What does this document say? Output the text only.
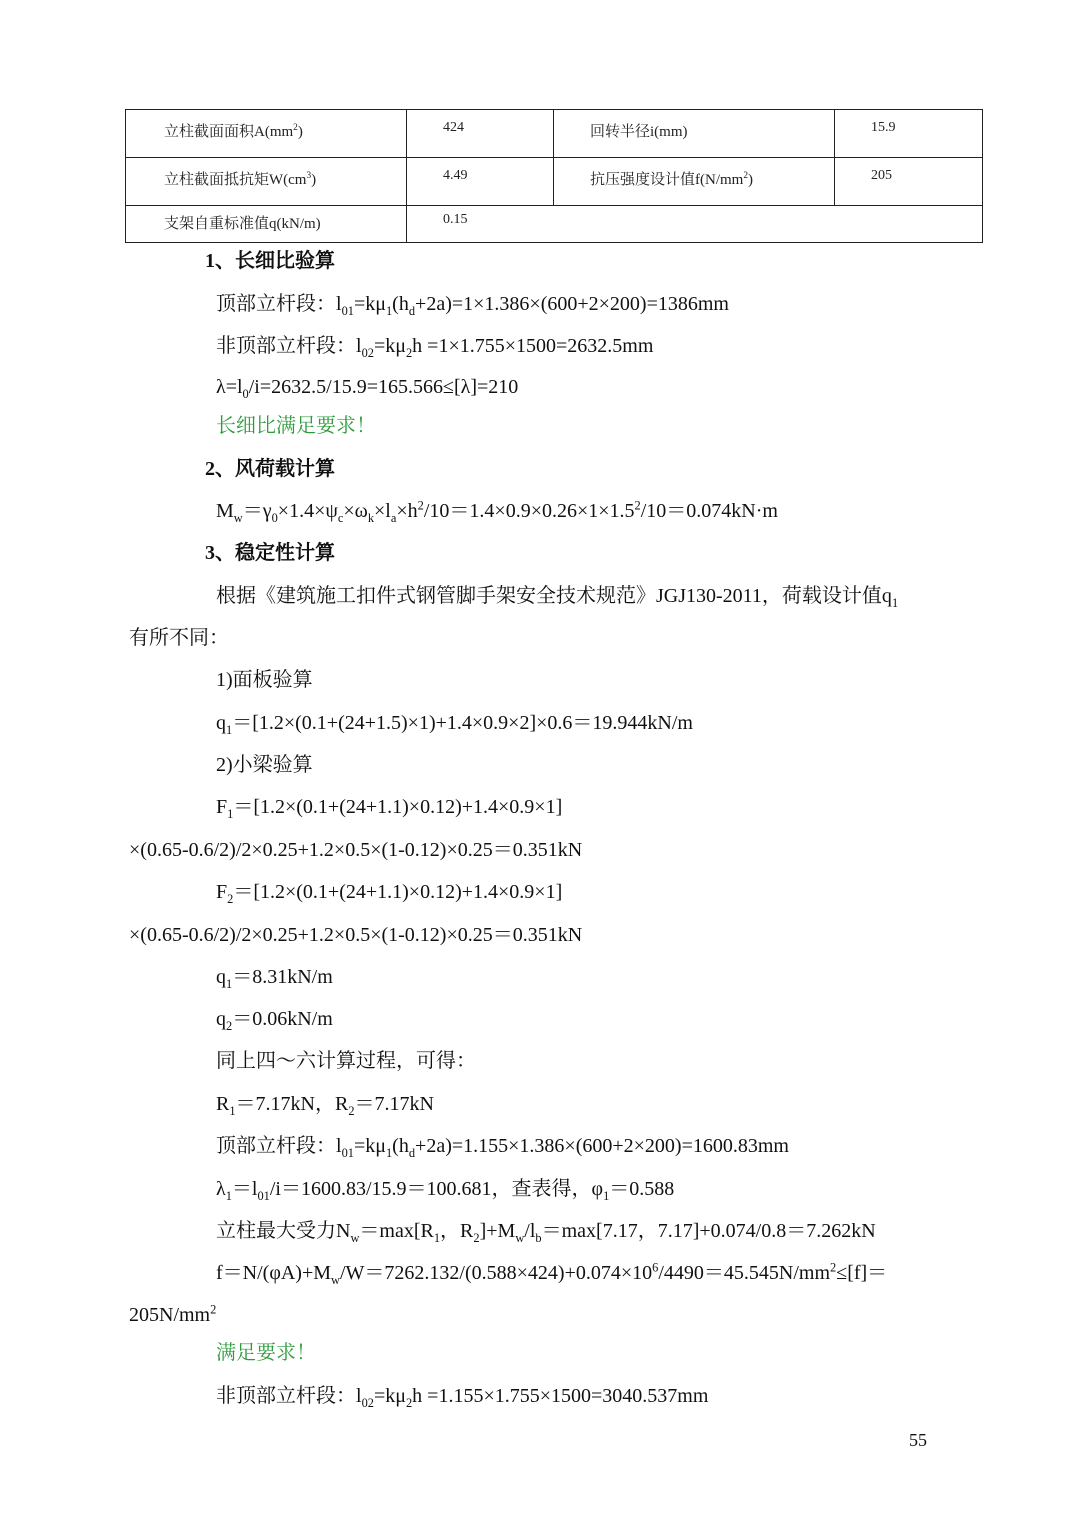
立柱截面面积$A(mm^2)$	424	回转半径i(mm)	15.9
立柱截面抵抗矩$W(cm^3)$	4.49	抗压强度设计值$f(N/mm^2)$	205
支架自重标准值q(kN/m)	0.15		
1、长细比验算
顶部立杆段：$l_{01}=k\mu_1(h_d+2a)=1\times 1.386\times(600+2\times 200)=1386mm$
非顶部立杆段：$l_{02}=k\mu_2h =1\times 1.755\times 1500=2632.5mm$
$\lambda=l_0/i=2632.5/15.9=165.566\le[\lambda]=210$
长细比满足要求！
2、风荷载计算
$M_w=\gamma_0\times 1.4\times\psi_c\times\omega_k\times l_a\times h^2/10=1.4\times 0.9\times 0.26\times 1\times 1.5^2/10=0.074kN\cdot m$
3、稳定性计算
根据《建筑施工扣件式钢管脚手架安全技术规范》JGJ130-2011，荷载设计值$q_1$
有所不同：
1)面板验算
$q_1=[1.2\times(0.1+(24+1.5)\times 1)+1.4\times 0.9\times 2]\times 0.6=19.944kN/m$
2)小梁验算
$F_1=[1.2\times(0.1+(24+1.1)\times 0.12)+1.4\times 0.9\times 1]$
×(0.65-0.6/2)/2×0.25+1.2×0.5×(1-0.12)×0.25＝0.351kN
$F_2=[1.2\times(0.1+(24+1.1)\times 0.12)+1.4\times 0.9\times 1]$
×(0.65-0.6/2)/2×0.25+1.2×0.5×(1-0.12)×0.25＝0.351kN
$q_1=8.31kN/m$
$q_2=0.06kN/m$
同上四～六计算过程，可得：
$R_1=7.17kN$，$R_2=7.17kN$
顶部立杆段：$l_{01}=k\mu_1(h_d+2a)=1.155\times 1.386\times(600+2\times 200)=1600.83mm$
$\lambda_1=l_{01}/i=1600.83/15.9=100.681$，查表得，$\varphi_1=0.588$
立柱最大受力$N_w=\max[R_1$，$R_2]+M_w/l_b=\max[7.17$，7.17]+0.074/0.8＝7.262kN
$f=N/(\varphi A)+M_w/W=7262.132/(0.588\times 424)+0.074\times 10^6/4490=45.545N/mm^2\le[f]=$
$205N/mm^2$
满足要求！
非顶部立杆段：$l_{02}=k\mu_2h =1.155\times 1.755\times 1500=3040.537mm$
55
